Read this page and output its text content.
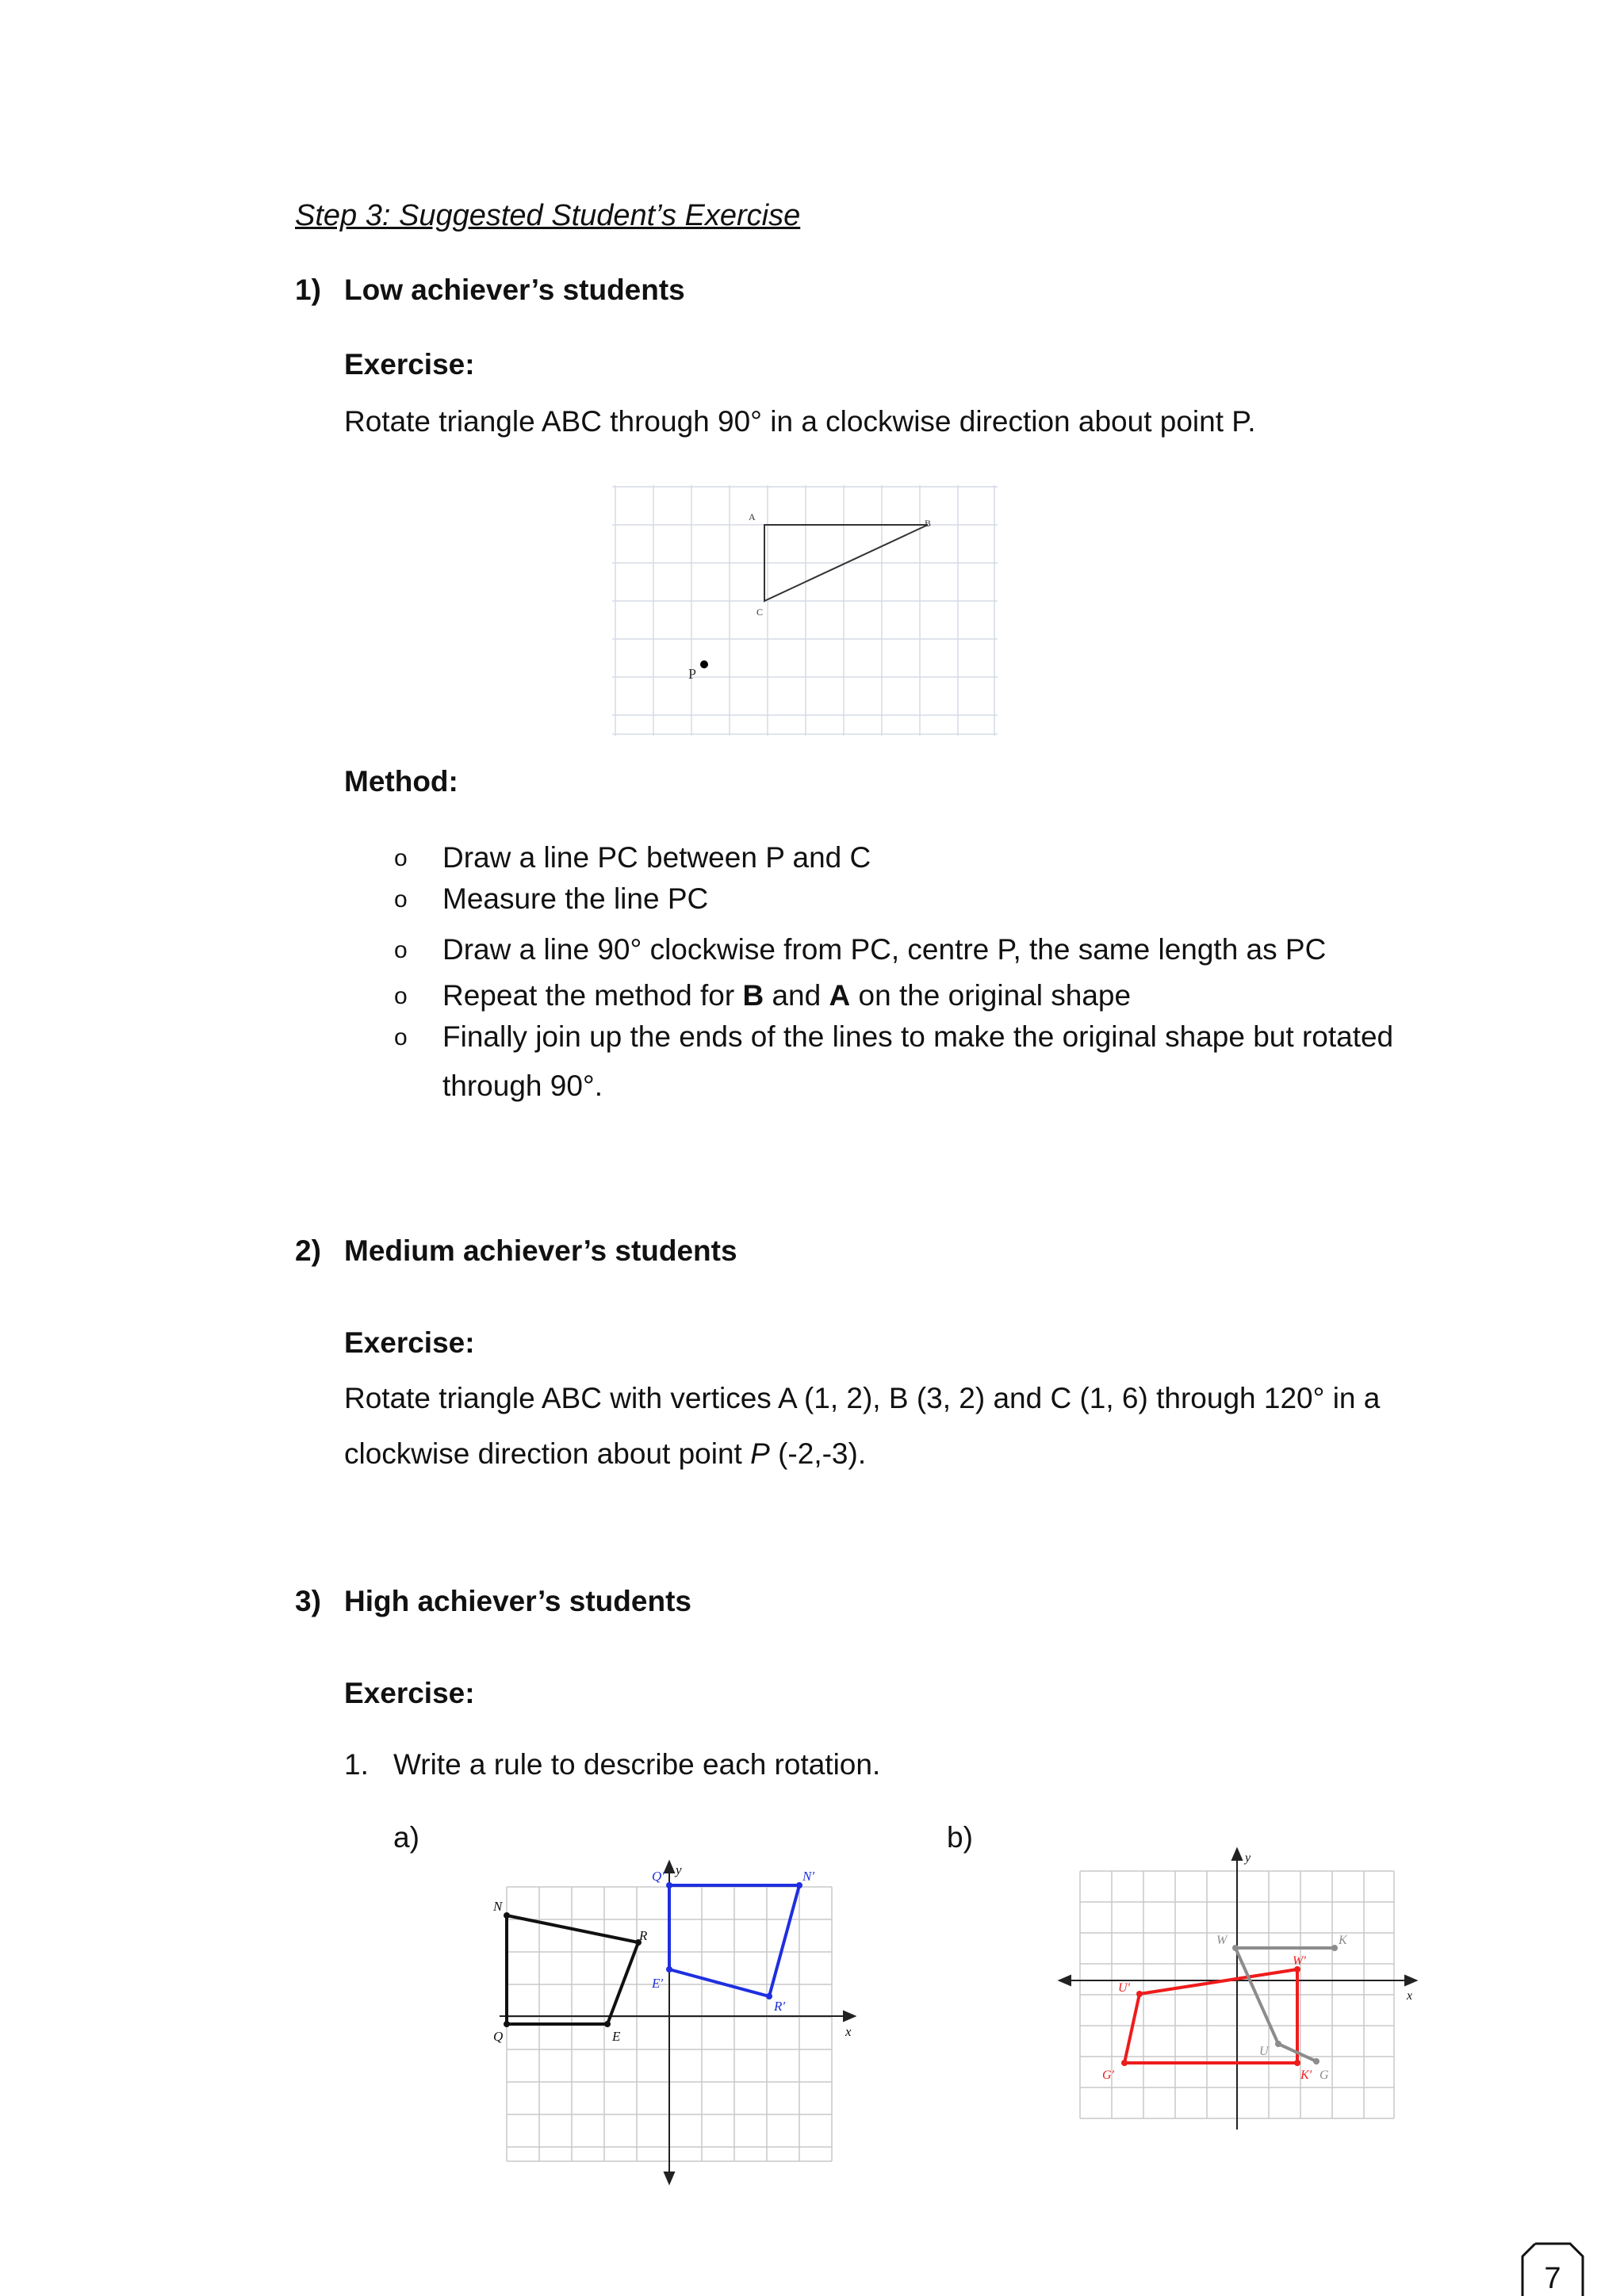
Step 3: Suggested Student’s Exercise
1) Low achiever’s students
Exercise:
Rotate triangle ABC through 90° in a clockwise direction about point P.
A
B
C
P
Method:
o Draw a line PC between P and C
o Measure the line PC
o Draw a line 90° clockwise from PC, centre P, the same length as PC
o Repeat the method for B and A on the original shape
o Finally join up the ends of the lines to make the original shape but rotated
through 90°.
2) Medium achiever’s students
Exercise:
Rotate triangle ABC with vertices A (1, 2), B (3, 2) and C (1, 6) through 120° in a
clockwise direction about point P (-2,-3).
3) High achiever’s students
Exercise:
1. Write a rule to describe each rotation.
a)	b)
N
R
Q	E
Q′	N′
E′
R′
y
x
W	K
U
G
W′
U′
G′	K′
y
x
7
